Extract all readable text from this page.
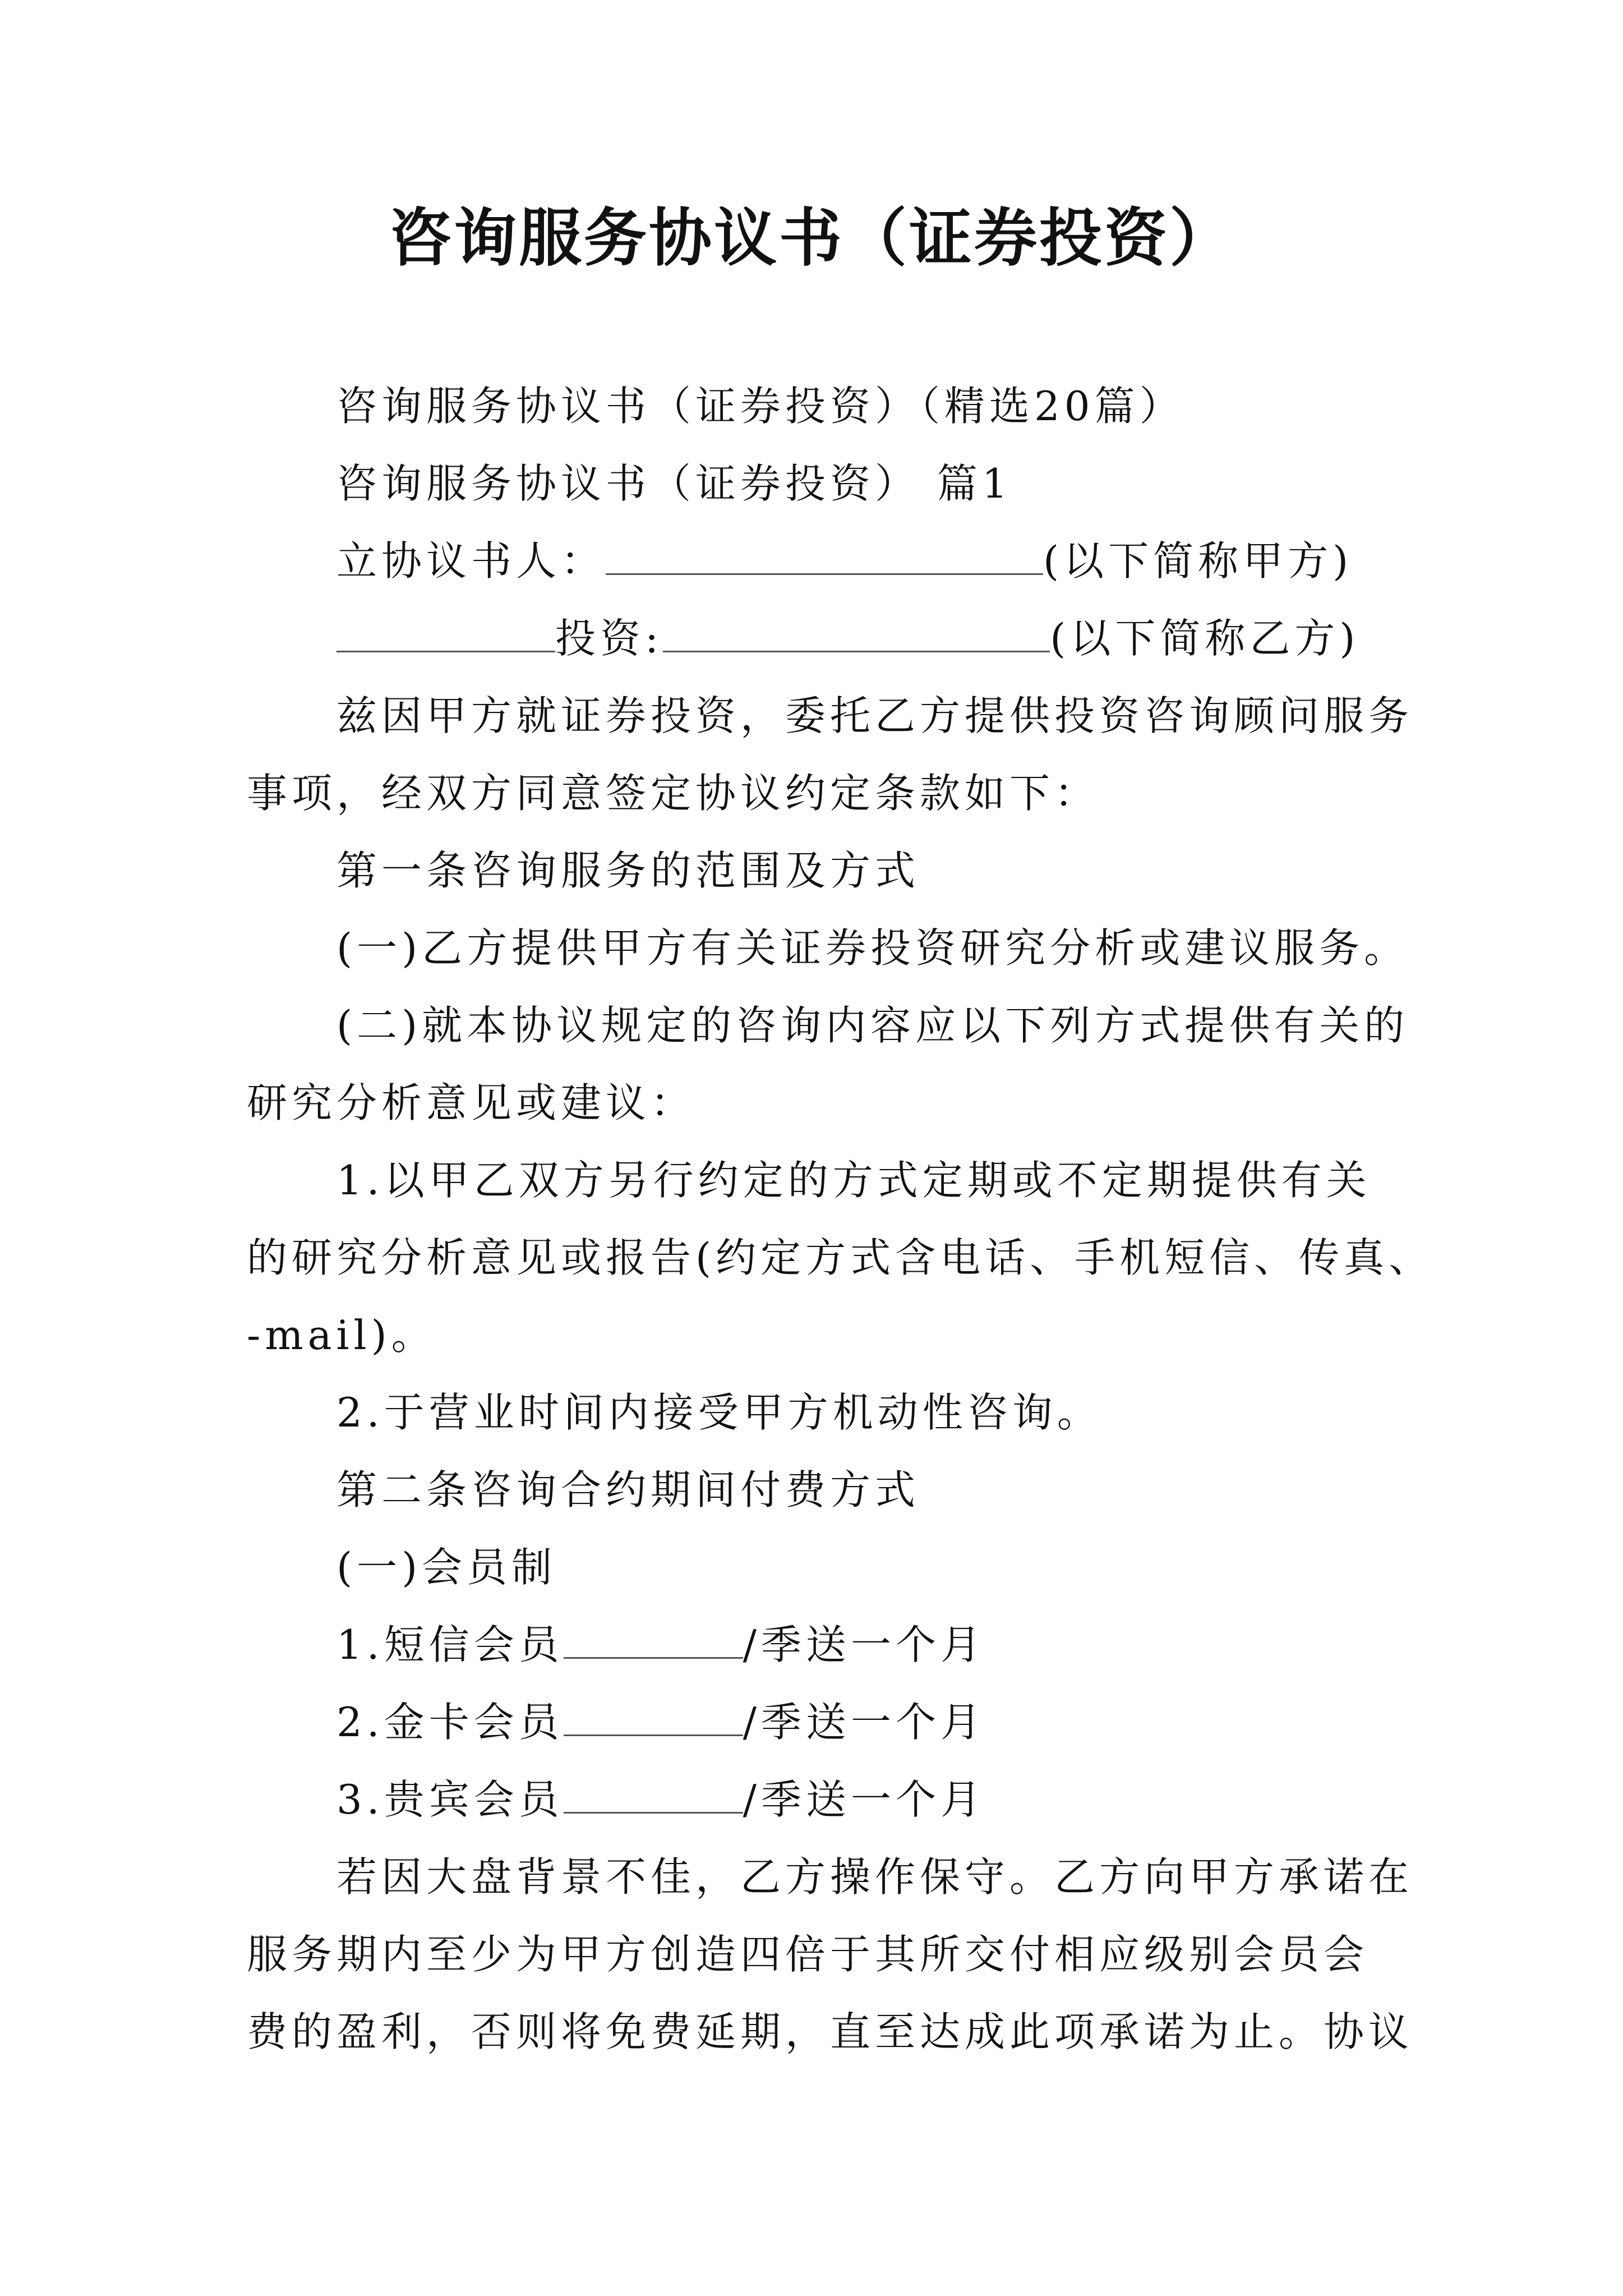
咨询服务协议书（证券投资）
咨询服务协议书（证券投资）（精选20篇）
咨询服务协议书（证券投资） 篇1
立协议书人：	(以下简称甲方)
投资:	(以下简称乙方)
兹因甲方就证券投资，委托乙方提供投资咨询顾问服务
事项，经双方同意签定协议约定条款如下：
第一条咨询服务的范围及方式
(一)乙方提供甲方有关证券投资研究分析或建议服务。
(二)就本协议规定的咨询内容应以下列方式提供有关的
研究分析意见或建议：
1.以甲乙双方另行约定的方式定期或不定期提供有关
的研究分析意见或报告(约定方式含电话、手机短信、传真、
-mail)。
2.于营业时间内接受甲方机动性咨询。
第二条咨询合约期间付费方式
(一)会员制
1.短信会员	/季送一个月
2.金卡会员	/季送一个月
3.贵宾会员	/季送一个月
若因大盘背景不佳，乙方操作保守。乙方向甲方承诺在
服务期内至少为甲方创造四倍于其所交付相应级别会员会
费的盈利，否则将免费延期，直至达成此项承诺为止。协议
